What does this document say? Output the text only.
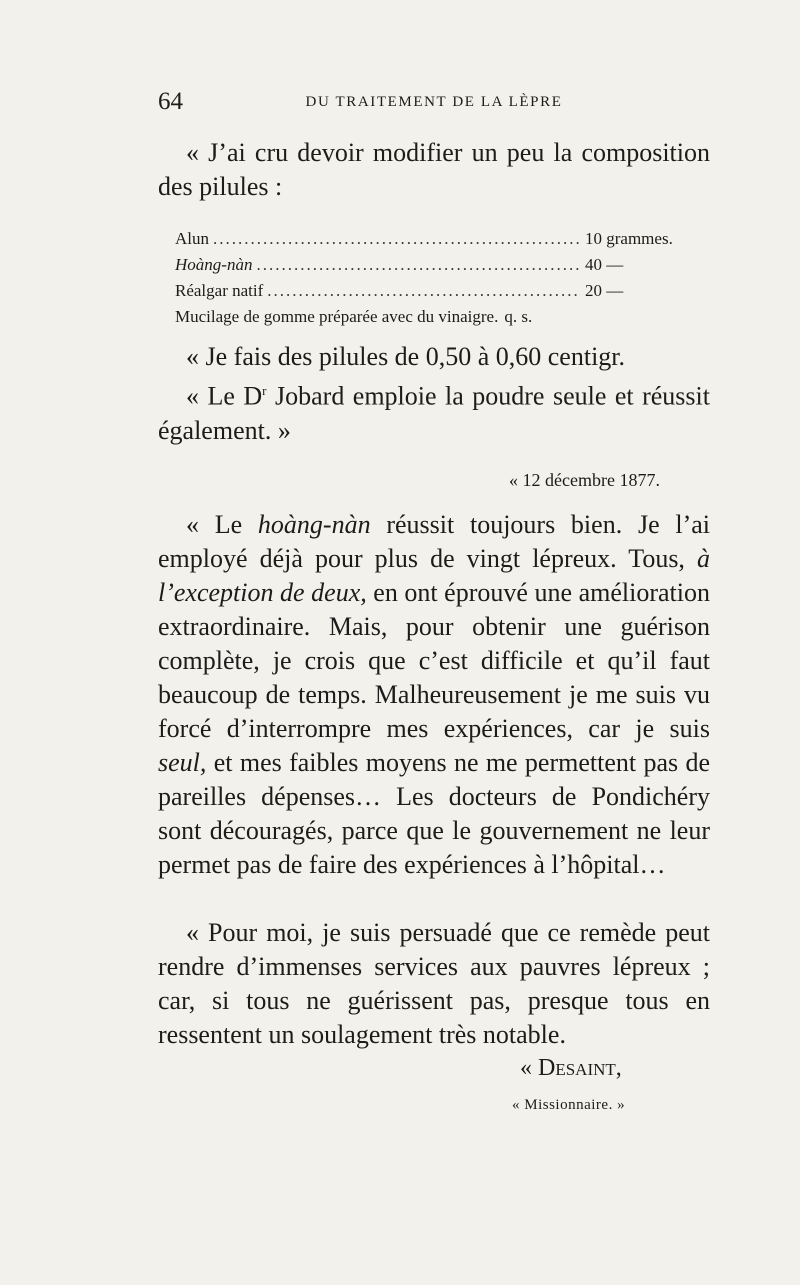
64	DU TRAITEMENT DE LA LÈPRE

« J’ai cru devoir modifier un peu la composition des pilules :

Alun .....	10 grammes.
Hoàng-nàn .....	40 —
Réalgar natif .....	20 —
Mucilage de gomme préparée avec du vinaigre. q. s.

« Je fais des pilules de 0,50 à 0,60 centigr.

« Le $D^r$ Jobard emploie la poudre seule et réussit également. »

« 12 décembre 1877.

« Le hoàng-nàn réussit toujours bien. Je l’ai employé déjà pour plus de vingt lépreux. Tous, à l’exception de deux, en ont éprouvé une amélioration extraordinaire. Mais, pour obtenir une guérison complète, je crois que c’est difficile et qu’il faut beaucoup de temps. Malheureusement je me suis vu forcé d’interrompre mes expériences, car je suis seul, et mes faibles moyens ne me permettent pas de pareilles dépenses… Les docteurs de Pondichéry sont découragés, parce que le gouvernement ne leur permet pas de faire des expériences à l’hôpital…

« Pour moi, je suis persuadé que ce remède peut rendre d’immenses services aux pauvres lépreux ; car, si tous ne guérissent pas, presque tous en ressentent un soulagement très notable.

« Desaint,
« Missionnaire. »
